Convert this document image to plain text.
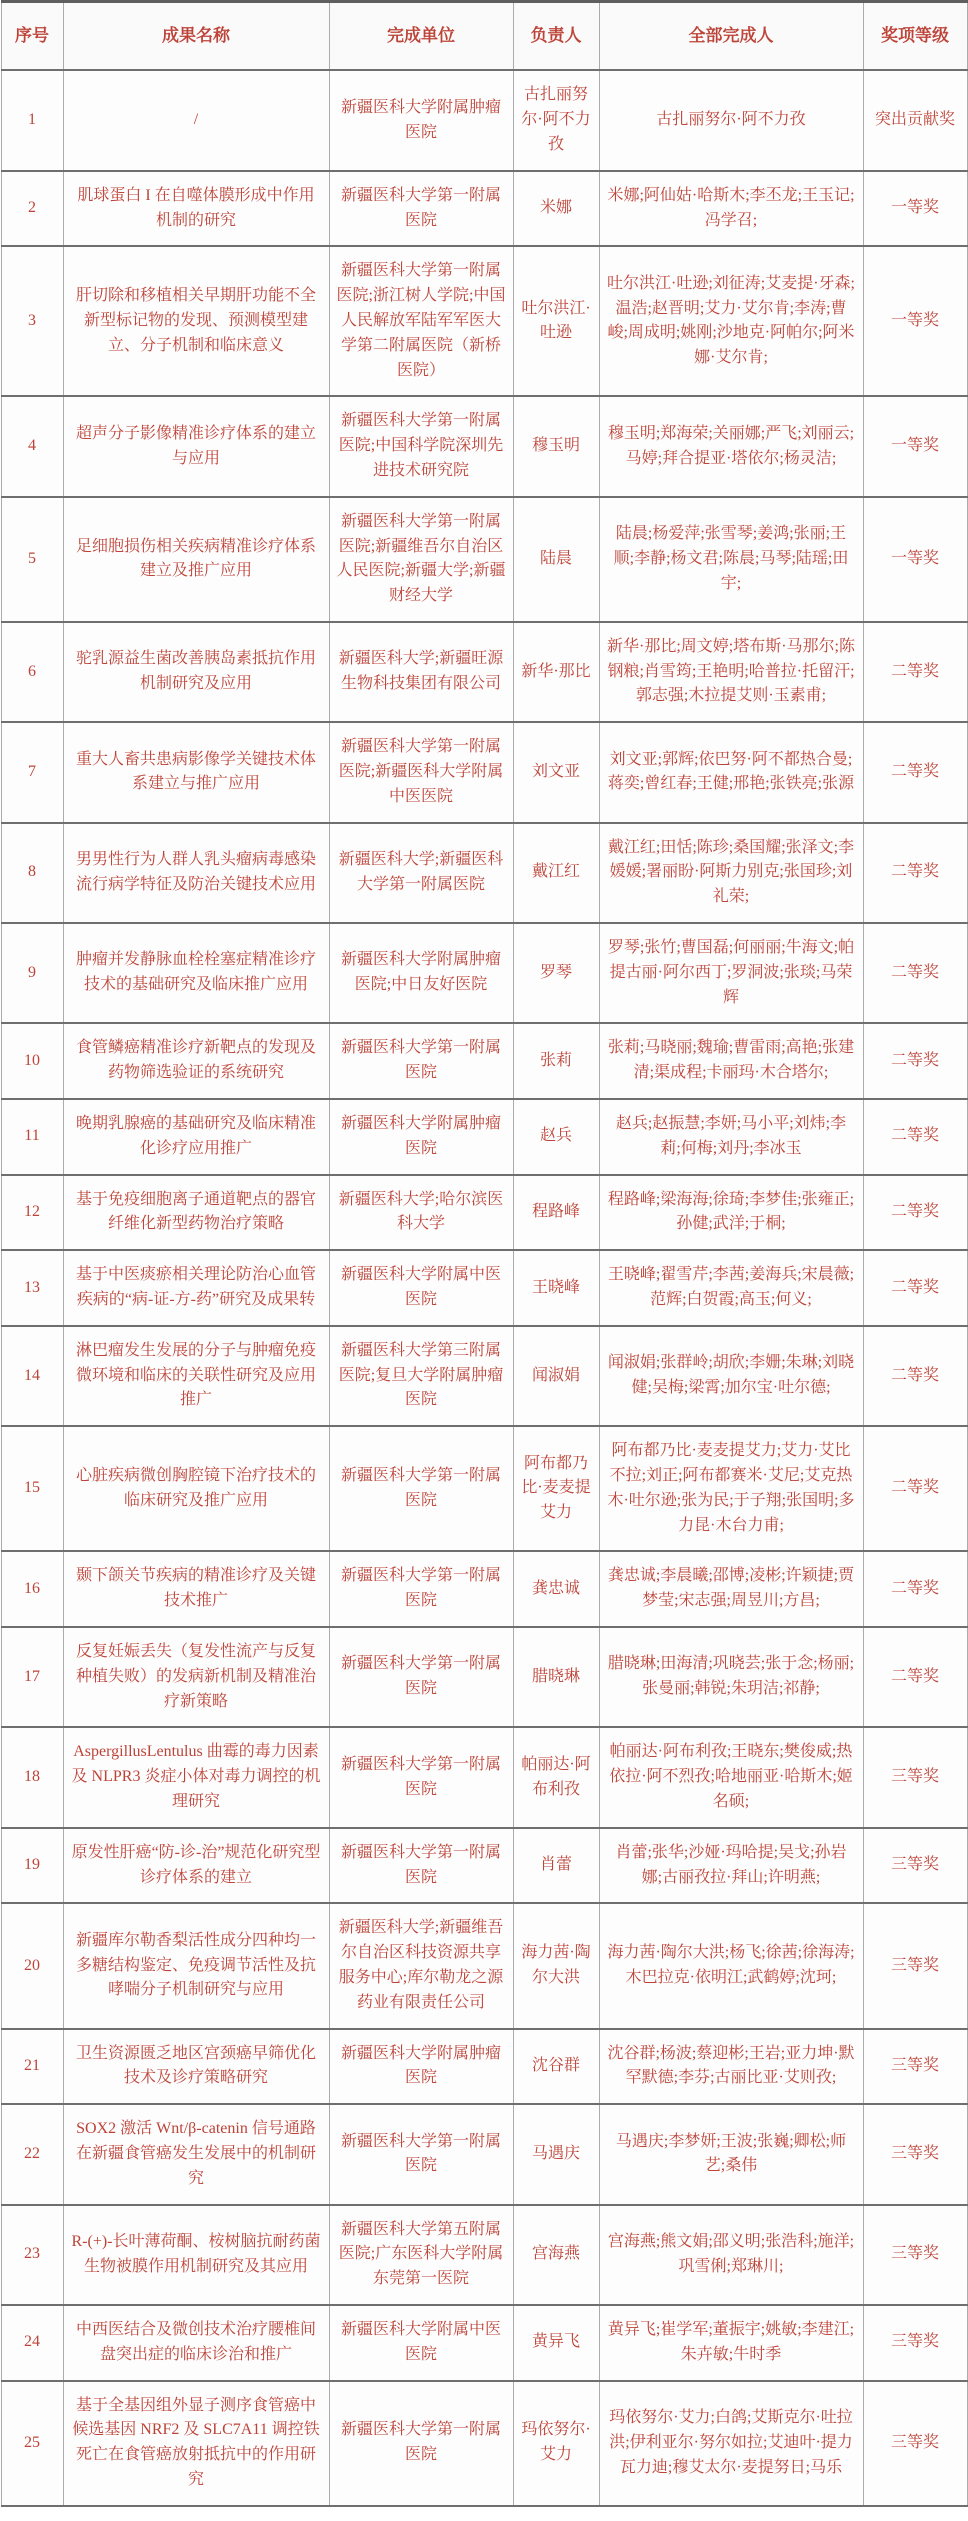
序号	成果名称	完成单位	负责人	全部完成人	奖项等级
1	/	新疆医科大学附属肿瘤医院	古扎丽努尔·阿不力孜	古扎丽努尔·阿不力孜	突出贡献奖
2	肌球蛋白 I 在自噬体膜形成中作用机制的研究	新疆医科大学第一附属医院	米娜	米娜;阿仙姑·哈斯木;李丕龙;王玉记;冯学召;	一等奖
3	肝切除和移植相关早期肝功能不全新型标记物的发现、预测模型建立、分子机制和临床意义	新疆医科大学第一附属医院;浙江树人学院;中国人民解放军陆军军医大学第二附属医院（新桥医院）	吐尔洪江·吐逊	吐尔洪江·吐逊;刘征涛;艾麦提·牙森;温浩;赵晋明;艾力·艾尔肯;李涛;曹峻;周成明;姚刚;沙地克·阿帕尔;阿米娜·艾尔肯;	一等奖
4	超声分子影像精准诊疗体系的建立与应用	新疆医科大学第一附属医院;中国科学院深圳先进技术研究院	穆玉明	穆玉明;郑海荣;关丽娜;严飞;刘丽云;马婷;拜合提亚·塔依尔;杨灵洁;	一等奖
5	足细胞损伤相关疾病精准诊疗体系建立及推广应用	新疆医科大学第一附属医院;新疆维吾尔自治区人民医院;新疆大学;新疆财经大学	陆晨	陆晨;杨爱萍;张雪琴;姜鸿;张丽;王顺;李静;杨文君;陈晨;马琴;陆瑶;田宇;	一等奖
6	驼乳源益生菌改善胰岛素抵抗作用机制研究及应用	新疆医科大学;新疆旺源生物科技集团有限公司	新华·那比	新华·那比;周文婷;塔布斯·马那尔;陈钢粮;肖雪筠;王艳明;哈普拉·托留汗;郭志强;木拉提艾则·玉素甫;	二等奖
7	重大人畜共患病影像学关键技术体系建立与推广应用	新疆医科大学第一附属医院;新疆医科大学附属中医医院	刘文亚	刘文亚;郭辉;依巴努·阿不都热合曼;蒋奕;曾红春;王健;邢艳;张铁亮;张源	二等奖
8	男男性行为人群人乳头瘤病毒感染流行病学特征及防治关键技术应用	新疆医科大学;新疆医科大学第一附属医院	戴江红	戴江红;田恬;陈珍;桑国耀;张泽文;李媛媛;署丽盼·阿斯力别克;张国珍;刘礼荣;	二等奖
9	肿瘤并发静脉血栓栓塞症精准诊疗技术的基础研究及临床推广应用	新疆医科大学附属肿瘤医院;中日友好医院	罗琴	罗琴;张竹;曹国磊;何丽丽;牛海文;帕提古丽·阿尔西丁;罗洞波;张琰;马荣辉	二等奖
10	食管鳞癌精准诊疗新靶点的发现及药物筛选验证的系统研究	新疆医科大学第一附属医院	张莉	张莉;马晓丽;魏瑜;曹雷雨;高艳;张建清;渠成程;卡丽玛·木合塔尔;	二等奖
11	晚期乳腺癌的基础研究及临床精准化诊疗应用推广	新疆医科大学附属肿瘤医院	赵兵	赵兵;赵振慧;李妍;马小平;刘炜;李莉;何梅;刘丹;李冰玉	二等奖
12	基于免疫细胞离子通道靶点的器官纤维化新型药物治疗策略	新疆医科大学;哈尔滨医科大学	程路峰	程路峰;梁海海;徐琦;李梦佳;张雍正;孙健;武洋;于桐;	二等奖
13	基于中医痰瘀相关理论防治心血管疾病的“病-证-方-药”研究及成果转	新疆医科大学附属中医医院	王晓峰	王晓峰;翟雪芹;李茜;姜海兵;宋晨薇;范辉;白贺霞;高玉;何义;	二等奖
14	淋巴瘤发生发展的分子与肿瘤免疫微环境和临床的关联性研究及应用推广	新疆医科大学第三附属医院;复旦大学附属肿瘤医院	闻淑娟	闻淑娟;张群岭;胡欣;李姗;朱琳;刘晓健;吴梅;梁霄;加尔宝·吐尔德;	二等奖
15	心脏疾病微创胸腔镜下治疗技术的临床研究及推广应用	新疆医科大学第一附属医院	阿布都乃比·麦麦提艾力	阿布都乃比·麦麦提艾力;艾力·艾比不拉;刘正;阿布都赛米·艾尼;艾克热木·吐尔逊;张为民;于子翔;张国明;多力昆·木台力甫;	二等奖
16	颞下颌关节疾病的精准诊疗及关键技术推广	新疆医科大学第一附属医院	龚忠诚	龚忠诚;李晨曦;邵博;凌彬;许颖捷;贾梦莹;宋志强;周昱川;方昌;	二等奖
17	反复妊娠丢失（复发性流产与反复种植失败）的发病新机制及精准治疗新策略	新疆医科大学第一附属医院	腊晓琳	腊晓琳;田海清;巩晓芸;张于念;杨丽;张曼丽;韩锐;朱玥洁;祁静;	二等奖
18	AspergillusLentulus 曲霉的毒力因素及 NLPR3 炎症小体对毒力调控的机理研究	新疆医科大学第一附属医院	帕丽达·阿布利孜	帕丽达·阿布利孜;王晓东;樊俊威;热依拉·阿不烈孜;哈地丽亚·哈斯木;姬名硕;	三等奖
19	原发性肝癌“防-诊-治”规范化研究型诊疗体系的建立	新疆医科大学第一附属医院	肖蕾	肖蕾;张华;沙娅·玛哈提;吴戈;孙岩娜;古丽孜拉·拜山;许明燕;	三等奖
20	新疆库尔勒香梨活性成分四种均一多糖结构鉴定、免疫调节活性及抗哮喘分子机制研究与应用	新疆医科大学;新疆维吾尔自治区科技资源共享服务中心;库尔勒龙之源药业有限责任公司	海力茜·陶尔大洪	海力茜·陶尔大洪;杨飞;徐茜;徐海涛;木巴拉克·依明江;武鹤婷;沈珂;	三等奖
21	卫生资源匮乏地区宫颈癌早筛优化技术及诊疗策略研究	新疆医科大学附属肿瘤医院	沈谷群	沈谷群;杨波;蔡迎彬;王岩;亚力坤·默罕默德;李芬;古丽比亚·艾则孜;	三等奖
22	SOX2 激活 Wnt/β-catenin 信号通路在新疆食管癌发生发展中的机制研究	新疆医科大学第一附属医院	马遇庆	马遇庆;李梦妍;王波;张巍;卿松;师艺;桑伟	三等奖
23	R-(+)-长叶薄荷酮、桉树脑抗耐药菌生物被膜作用机制研究及其应用	新疆医科大学第五附属医院;广东医科大学附属东莞第一医院	宫海燕	宫海燕;熊文娟;邵义明;张浩科;施洋;巩雪俐;郑琳川;	三等奖
24	中西医结合及微创技术治疗腰椎间盘突出症的临床诊治和推广	新疆医科大学附属中医医院	黄异飞	黄异飞;崔学军;董振宇;姚敏;李建江;朱卉敏;牛时季	三等奖
25	基于全基因组外显子测序食管癌中候选基因 NRF2 及 SLC7A11 调控铁死亡在食管癌放射抵抗中的作用研究	新疆医科大学第一附属医院	玛依努尔·艾力	玛依努尔·艾力;白鸽;艾斯克尔·吐拉洪;伊利亚尔·努尔如拉;艾迪叶·提力瓦力迪;穆艾太尔·麦提努日;马乐	三等奖
